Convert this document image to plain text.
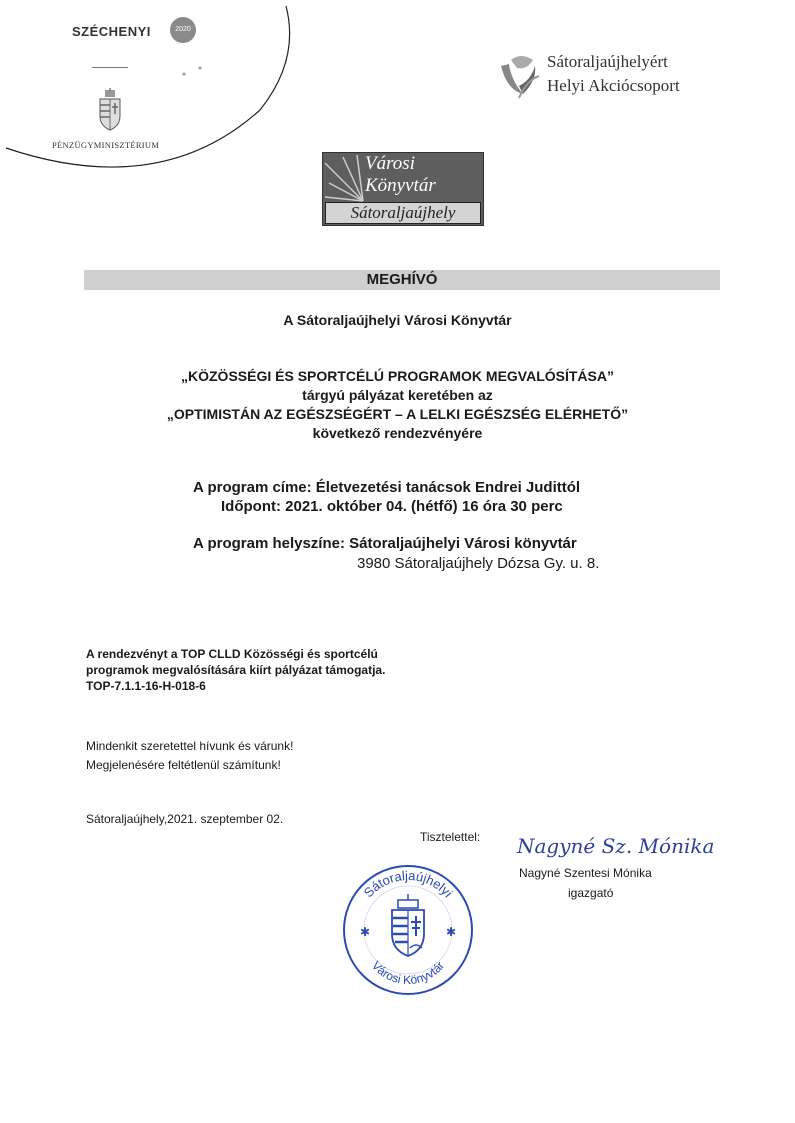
SZÉCHENYI	2020
PÉNZÜGYMINISZTÉRIUM
Sátoraljaújhelyért
Helyi Akciócsoport
Városi
Könyvtár
Sátoraljaújhely
MEGHÍVÓ
A Sátoraljaújhelyi Városi Könyvtár
„KÖZÖSSÉGI ÉS SPORTCÉLÚ PROGRAMOK MEGVALÓSÍTÁSA”
tárgyú pályázat keretében az
„OPTIMISTÁN AZ EGÉSZSÉGÉRT – A LELKI EGÉSZSÉG ELÉRHETŐ”
következő rendezvényére
A program címe: Életvezetési tanácsok Endrei Judittól
Időpont: 2021. október 04. (hétfő) 16 óra 30 perc
A program helyszíne: Sátoraljaújhelyi Városi könyvtár
3980 Sátoraljaújhely Dózsa Gy. u. 8.
A rendezvényt a TOP CLLD Közösségi és sportcélú
programok megvalósítására kiírt pályázat támogatja.
TOP-7.1.1-16-H-018-6
Mindenkit szeretettel hívunk és várunk!
Megjelenésére feltétlenül számítunk!
Sátoraljaújhely,2021. szeptember 02.
Tisztelettel: Nagyné Sz. Mónika
Nagyné Szentesi Mónika
igazgató
Sátoraljaújhelyi
Városi Könyvtár
✱	✱
